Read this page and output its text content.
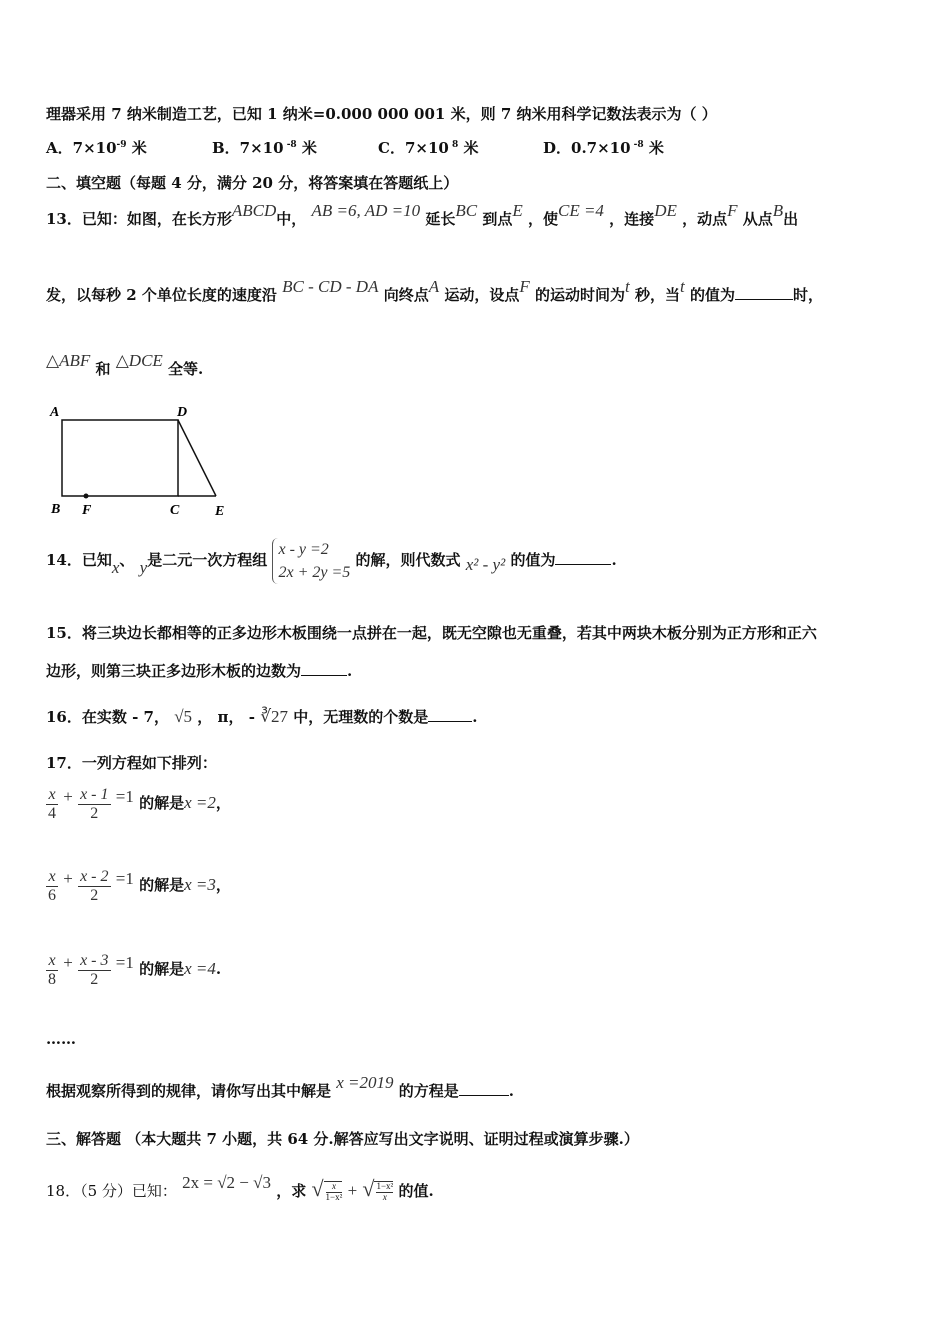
理器采用 7 纳米制造工艺，已知 1 纳米=0.000 000 001 米，则 7 纳米用科学记数法表示为（ ）
A．$7\times 10^{-9}$ 米	B．7×10 $^{-8}$ 米	C．7×10 $^8$ 米	D．0.7×10 $^{-8}$ 米
二、填空题（每题 4 分，满分 20 分，将答案填在答题纸上）
13．已知：如图，在长方形ABCD中， AB =6, AD =10 延长BC 到点E ，使CE =4 ，连接DE ，动点F 从点B出
发，以每秒 2 个单位长度的速度沿 BC - CD - DA 向终点A 运动，设点F 的运动时间为t 秒，当t 的值为	时，
△ABF 和 △DCE 全等.
A	D
B F	C	E
14．已知x、 y是二元一次方程组
x - y =2
2x + 2y =5
的解，则代数式 x² - y² 的值为	.
15．将三块边长都相等的正多边形木板围绕一点拼在一起，既无空隙也无重叠，若其中两块木板分别为正方形和正六
边形，则第三块正多边形木板的边数为	.
16．在实数 - 7， √5 ， π， - ∛27 中，无理数的个数是	.
17．一列方程如下排列：
$\frac{x}{4} + \frac{x - 1}{2} =1$ 的解是x =2，
$\frac{x}{6} + \frac{x - 2}{2} =1$ 的解是x =3，
$\frac{x}{8} + \frac{x - 3}{2} =1$ 的解是x =4.
……
根据观察所得到的规律，请你写出其中解是 x =2019 的方程是	.
三、解答题 （本大题共 7 小题，共 64 分.解答应写出文字说明、证明过程或演算步骤.）
18．（5 分）已知： 2x = √2 − √3 ，求 √ $\frac{x}{\text{1−x²}}$ + √ $\frac{\text{1−x²}}{x}$ 的值.
